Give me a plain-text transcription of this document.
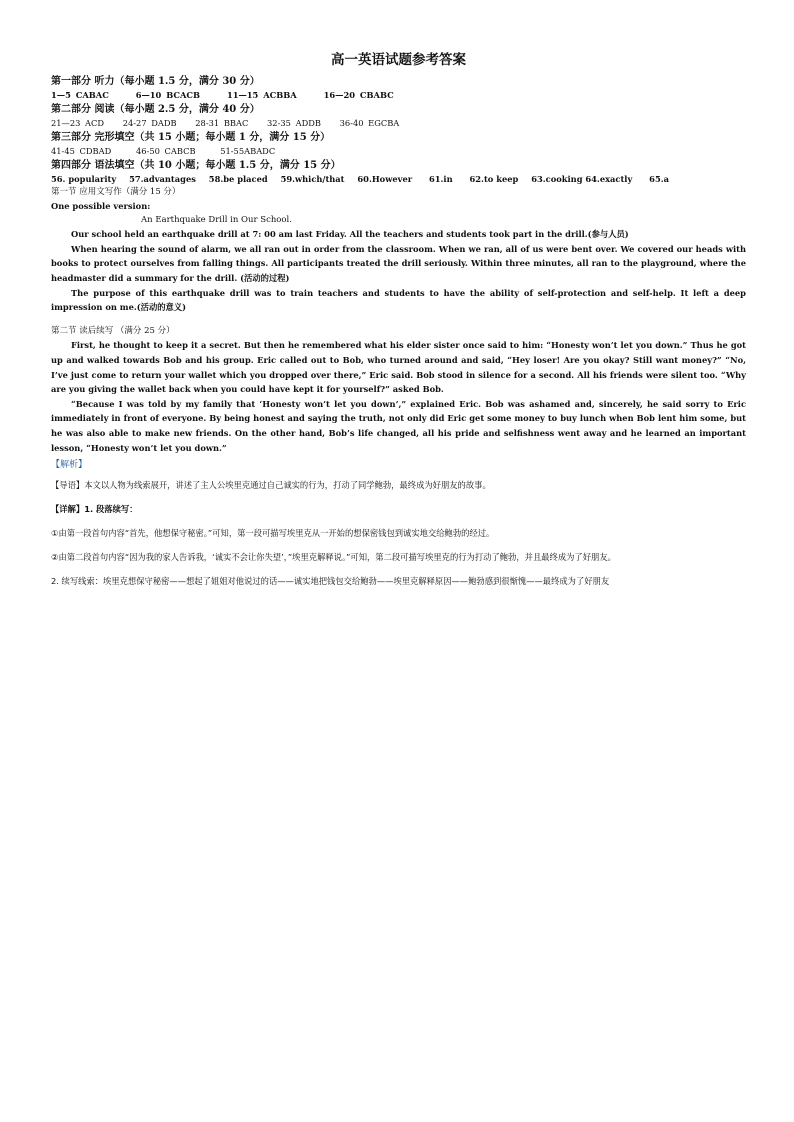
高一英语试题参考答案
第一部分 听力（每小题 1.5 分，满分 30 分）
1—5 CABAC	6—10 BCACB	11—15 ACBBA	16—20 CBABC
第二部分 阅读（每小题 2.5 分，满分 40 分）
21—23 ACD 24-27 DADB 28-31 BBAC 32-35 ADDB 36-40 EGCBA
第三部分 完形填空（共 15 小题；每小题 1 分，满分 15 分）
41-45 CDBAD	46-50 CABCB	51-55ABADC
第四部分 语法填空（共 10 小题；每小题 1.5 分，满分 15 分）
56. popularity 57.advantages 58.be placed 59.which/that 60.However 61.in 62.to keep 63.cooking 64.exactly 65.a
第一节 应用文写作（满分 15 分）
One possible version:
An Earthquake Drill in Our School.

Our school held an earthquake drill at 7: 00 am last Friday. All the teachers and students took part in the drill.(参与人员)

When hearing the sound of alarm, we all ran out in order from the classroom. When we ran, all of us were bent over. We covered our heads with books to protect ourselves from falling things. All participants treated the drill seriously. Within three minutes, all ran to the playground, where the headmaster did a summary for the drill. (活动的过程)

The purpose of this earthquake drill was to train teachers and students to have the ability of self-protection and self-help. It left a deep impression on me.(活动的意义)

第二节 读后续写 （满分 25 分）

First, he thought to keep it a secret. But then he remembered what his elder sister once said to him: “Honesty won’t let you down.” Thus he got up and walked towards Bob and his group. Eric called out to Bob, who turned around and said, “Hey loser! Are you okay? Still want money?” “No, I’ve just come to return your wallet which you dropped over there,” Eric said. Bob stood in silence for a second. All his friends were silent too. “Why are you giving the wallet back when you could have kept it for yourself?” asked Bob.

“Because I was told by my family that ‘Honesty won’t let you down’,” explained Eric. Bob was ashamed and, sincerely, he said sorry to Eric immediately in front of everyone. By being honest and saying the truth, not only did Eric get some money to buy lunch when Bob lent him some, but he was also able to make new friends. On the other hand, Bob’s life changed, all his pride and selfishness went away and he learned an important lesson, “Honesty won’t let you down.”

【解析】

【导语】本文以人物为线索展开，讲述了主人公埃里克通过自己诚实的行为，打动了同学鲍勃，最终成为好朋友的故事。

【详解】1. 段落续写：

①由第一段首句内容“首先，他想保守秘密。”可知，第一段可描写埃里克从一开始的想保密钱包到诚实地交给鲍勃的经过。

②由第二段首句内容“因为我的家人告诉我，‘诚实不会让你失望’，”埃里克解释说。”可知，第二段可描写埃里克的行为打动了鲍勃，并且最终成为了好朋友。

2. 续写线索：埃里克想保守秘密——想起了姐姐对他说过的话——诚实地把钱包交给鲍勃——埃里克解释原因——鲍勃感到很惭愧——最终成为了好朋友
